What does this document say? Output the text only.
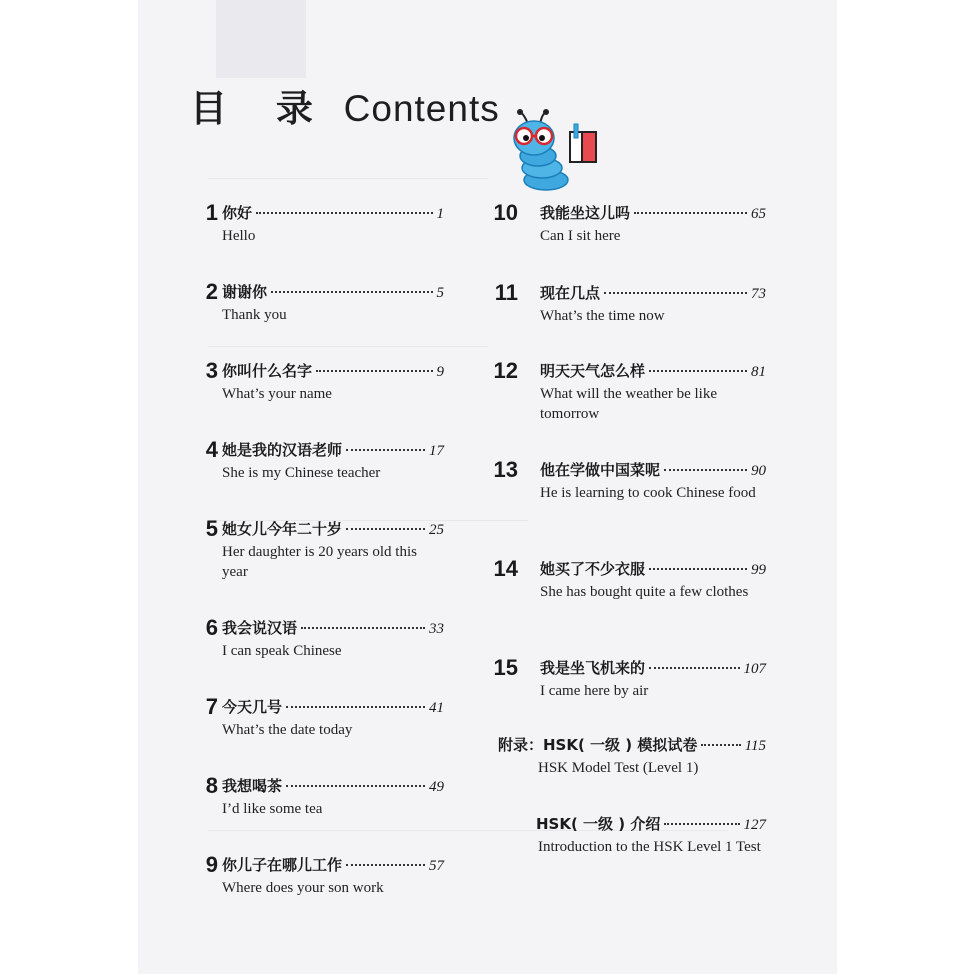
目 录 Contents
1 你好	1
Hello
2 谢谢你	5
Thank you
3 你叫什么名字	9
What’s your name
4 她是我的汉语老师	17
She is my Chinese teacher
5 她女儿今年二十岁	25
Her daughter is 20 years old this year
6 我会说汉语	33
I can speak Chinese
7 今天几号	41
What’s the date today
8 我想喝茶	49
I’d like some tea
9 你儿子在哪儿工作	57
Where does your son work
10 我能坐这儿吗	65
Can I sit here
11 现在几点	73
What’s the time now
12 明天天气怎么样	81
What will the weather be like tomorrow
13 他在学做中国菜呢	90
He is learning to cook Chinese food
14 她买了不少衣服	99
She has bought quite a few clothes
15 我是坐飞机来的	107
I came here by air
附录：HSK( 一级 ) 模拟试卷	115
HSK Model Test (Level 1)
HSK( 一级 ) 介绍	127
Introduction to the HSK Level 1 Test
